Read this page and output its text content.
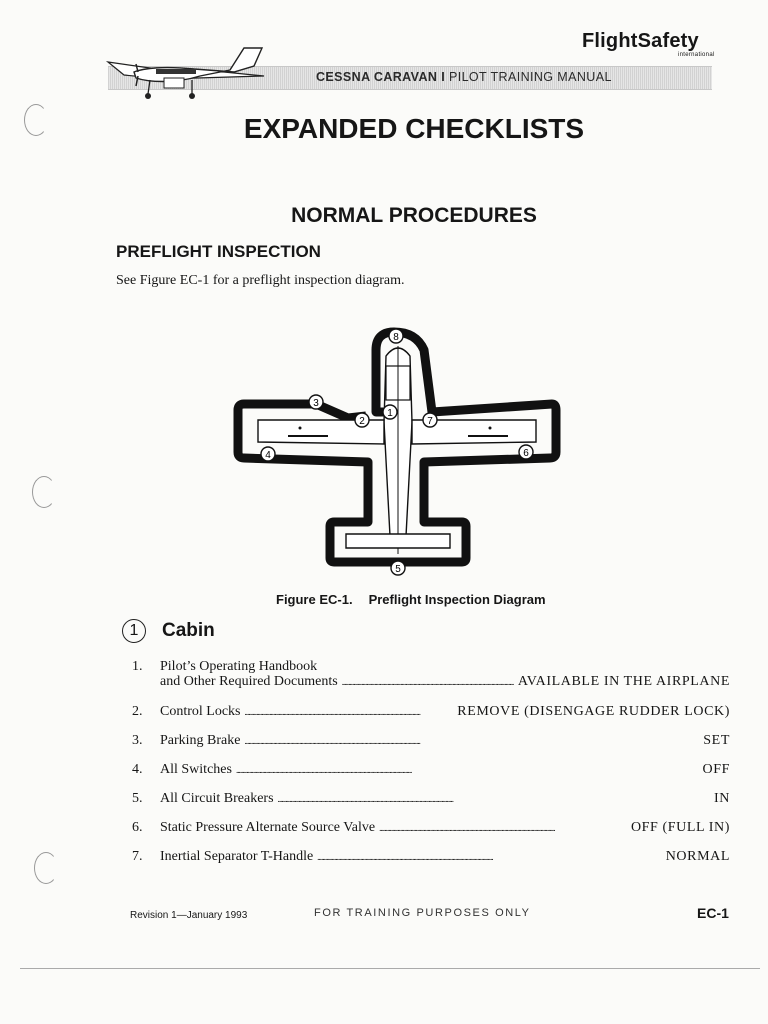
FlightSafety
international
CESSNA CARAVAN I PILOT TRAINING MANUAL
EXPANDED CHECKLISTS
NORMAL PROCEDURES
PREFLIGHT INSPECTION
See Figure EC-1 for a preflight inspection diagram.
8
3
2
1
7
4	6
5
Figure EC-1. Preflight Inspection Diagram
1	Cabin
1. Pilot’s Operating Handbook
and Other Required Documents . . .	AVAILABLE IN THE AIRPLANE
2. Control Locks . . .	REMOVE (DISENGAGE RUDDER LOCK)
3. Parking Brake . . .	SET
4. All Switches . . .	OFF
5. All Circuit Breakers . . .	IN
6. Static Pressure Alternate Source Valve . . .	OFF (FULL IN)
7. Inertial Separator T-Handle . . .	NORMAL
Revision 1—January 1993	FOR TRAINING PURPOSES ONLY	EC-1
